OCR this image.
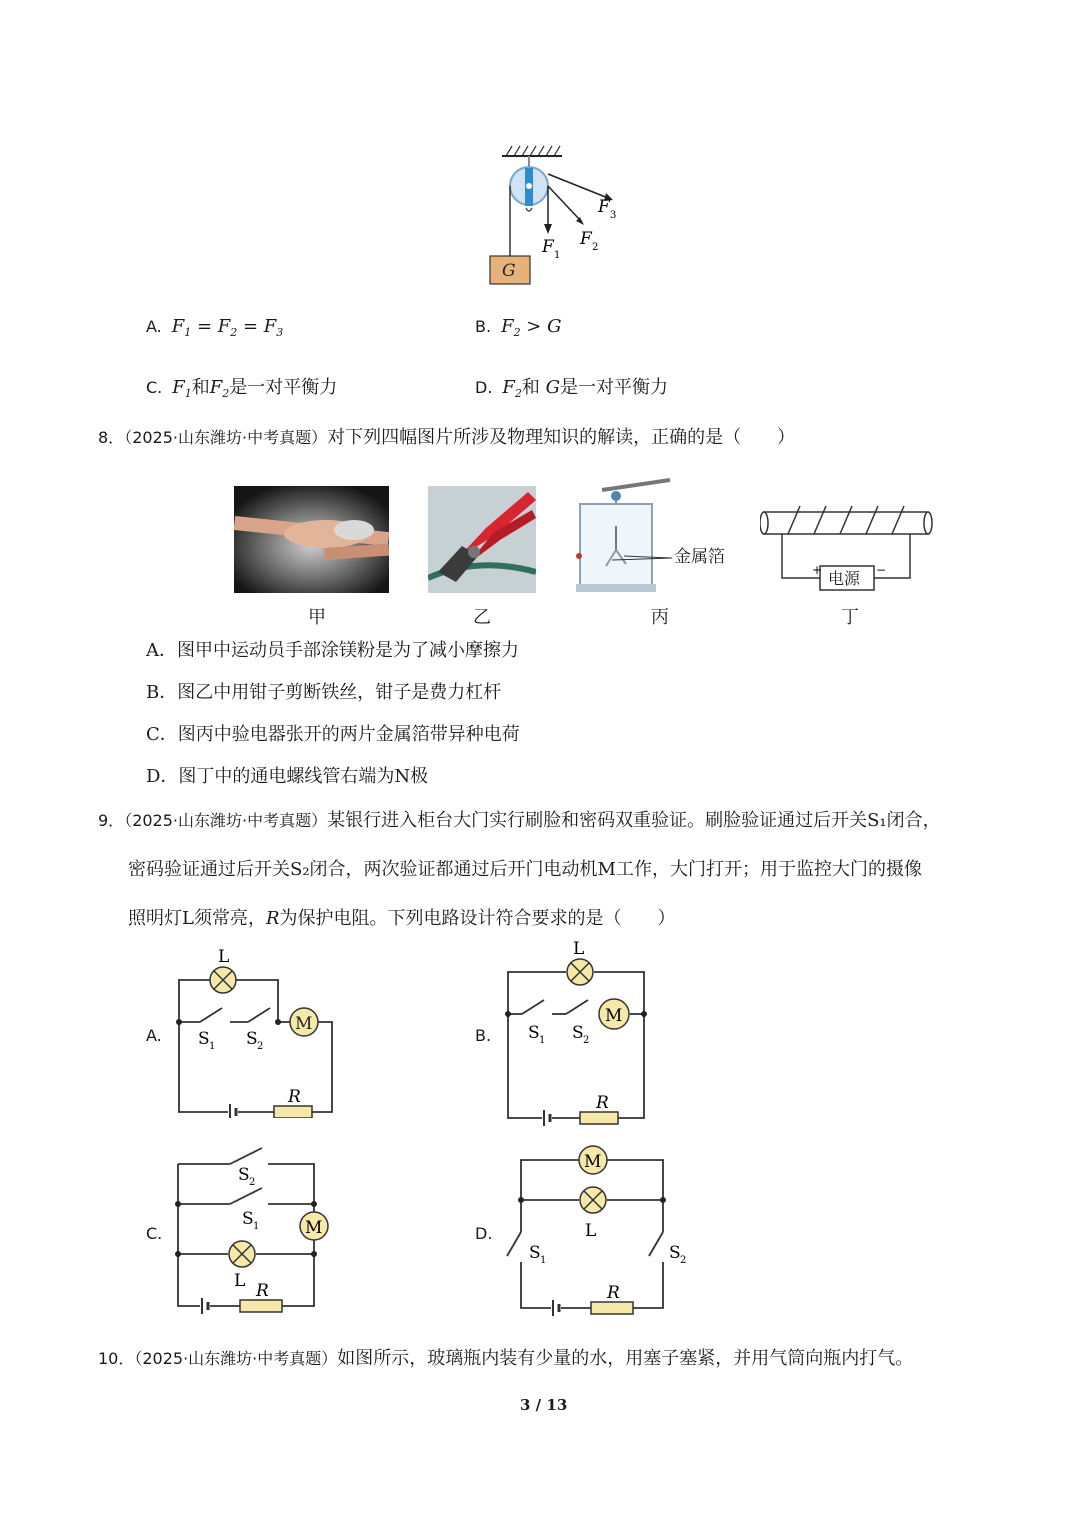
G
F 1
F 2
F 3
A. $F_1 = F_2 = F_3$	B. $F_2 > G$
C. $F_1$和$F_2$是一对平衡力	D. $F_2$和 G是一对平衡力
8．（2025·山东潍坊·中考真题）对下列四幅图片所涉及物理知识的解读，正确的是（　　）
金属箔
电源
+	−
甲	乙	丙	丁
A．图甲中运动员手部涂镁粉是为了减小摩擦力
B．图乙中用钳子剪断铁丝，钳子是费力杠杆
C．图丙中验电器张开的两片金属箔带异种电荷
D．图丁中的通电螺线管右端为N极
9．（2025·山东潍坊·中考真题）某银行进入柜台大门实行刷脸和密码双重验证。刷脸验证通过后开关S₁闭合，
密码验证通过后开关S₂闭合，两次验证都通过后开门电动机M工作，大门打开；用于监控大门的摄像
照明灯L须常亮，R为保护电阻。下列电路设计符合要求的是（　　）
A.	B.
C.	D.
M
R
L
S 1 S 2
M
R
L
S 1 S 2
M
R
L
S 2
S 1
M
L
R
S 1	S 2
10．（2025·山东潍坊·中考真题）如图所示，玻璃瓶内装有少量的水，用塞子塞紧，并用气筒向瓶内打气。
3 / 13
